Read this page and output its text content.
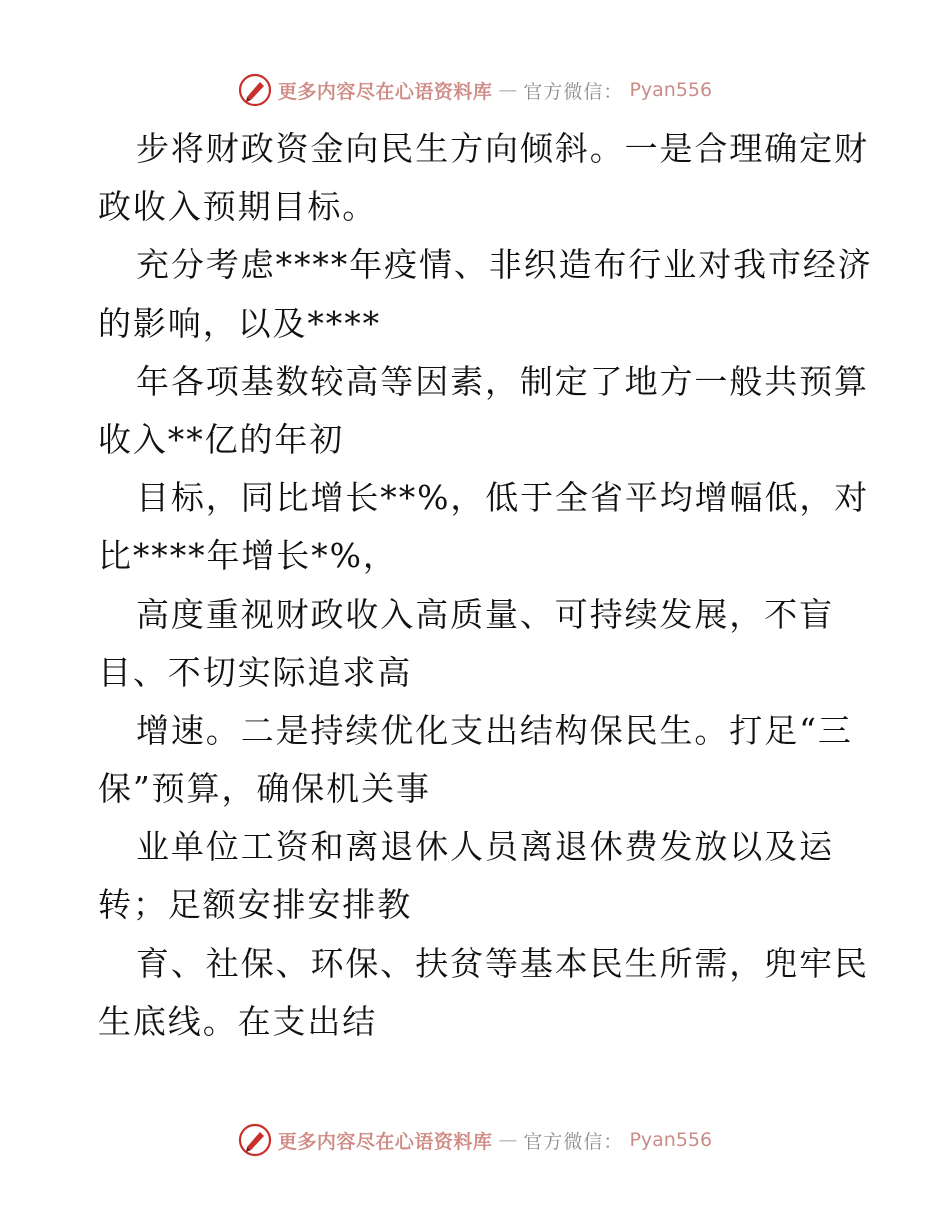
更多内容尽在心语资料库 — 官方微信： Pyan556
步将财政资金向民生方向倾斜。一是合理确定财
政收入预期目标。
充分考虑****年疫情、非织造布行业对我市经济
的影响，以及****
年各项基数较高等因素，制定了地方一般共预算
收入**亿的年初
目标，同比增长**%，低于全省平均增幅低，对
比****年增长*%，
高度重视财政收入高质量、可持续发展，不盲
目、不切实际追求高
增速。二是持续优化支出结构保民生。打足“三
保”预算，确保机关事
业单位工资和离退休人员离退休费发放以及运
转；足额安排安排教
育、社保、环保、扶贫等基本民生所需，兜牢民
生底线。在支出结
更多内容尽在心语资料库 — 官方微信： Pyan556
